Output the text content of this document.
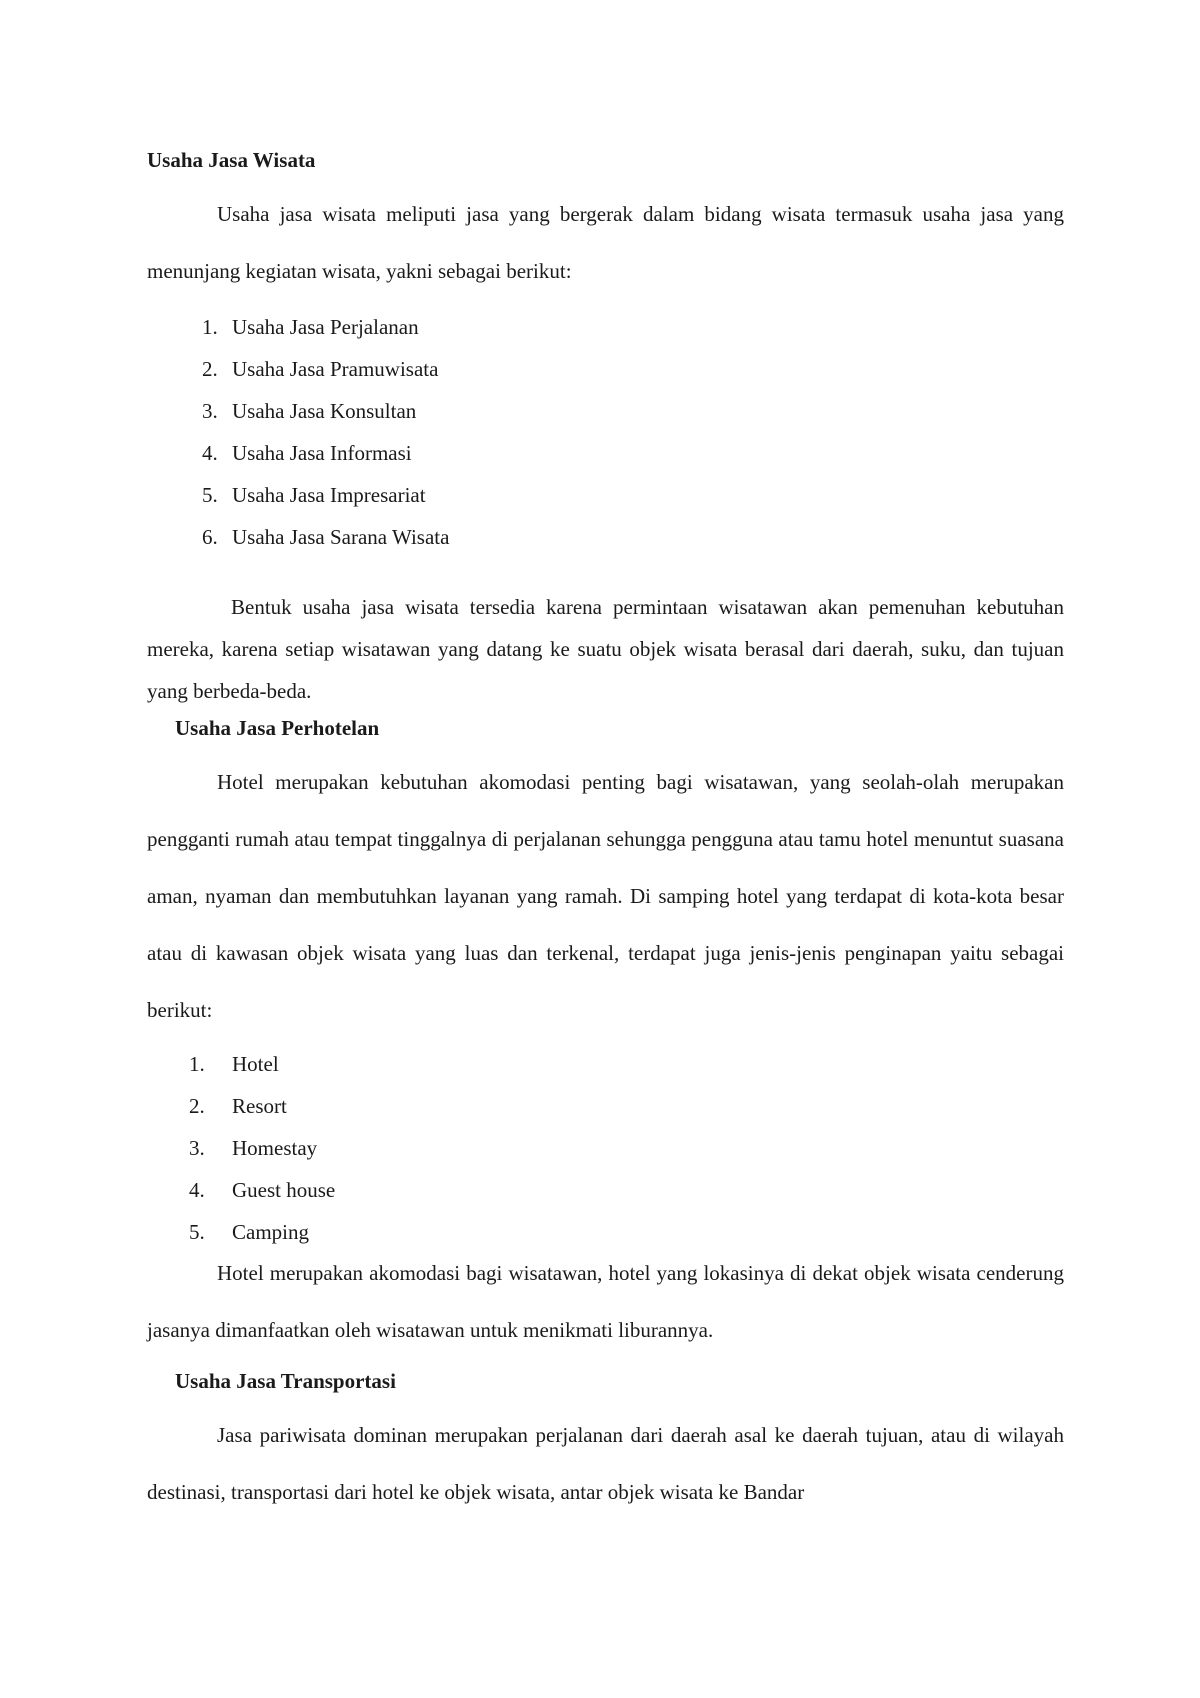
Usaha Jasa Wisata

Usaha jasa wisata meliputi jasa yang bergerak dalam bidang wisata termasuk usaha jasa yang menunjang kegiatan wisata, yakni sebagai berikut:

1. Usaha Jasa Perjalanan
2. Usaha Jasa Pramuwisata
3. Usaha Jasa Konsultan
4. Usaha Jasa Informasi
5. Usaha Jasa Impresariat
6. Usaha Jasa Sarana Wisata

Bentuk usaha jasa wisata tersedia karena permintaan wisatawan akan pemenuhan kebutuhan mereka, karena setiap wisatawan yang datang ke suatu objek wisata berasal dari daerah, suku, dan tujuan yang berbeda-beda.

Usaha Jasa Perhotelan

Hotel merupakan kebutuhan akomodasi penting bagi wisatawan, yang seolah-olah merupakan pengganti rumah atau tempat tinggalnya di perjalanan sehungga pengguna atau tamu hotel menuntut suasana aman, nyaman dan membutuhkan layanan yang ramah. Di samping hotel yang terdapat di kota-kota besar atau di kawasan objek wisata yang luas dan terkenal, terdapat juga jenis-jenis penginapan yaitu sebagai berikut:

1. Hotel
2. Resort
3. Homestay
4. Guest house
5. Camping

Hotel merupakan akomodasi bagi wisatawan, hotel yang lokasinya di dekat objek wisata cenderung jasanya dimanfaatkan oleh wisatawan untuk menikmati liburannya.

Usaha Jasa Transportasi

Jasa pariwisata dominan merupakan perjalanan dari daerah asal ke daerah tujuan, atau di wilayah destinasi, transportasi dari hotel ke objek wisata, antar objek wisata ke Bandar
